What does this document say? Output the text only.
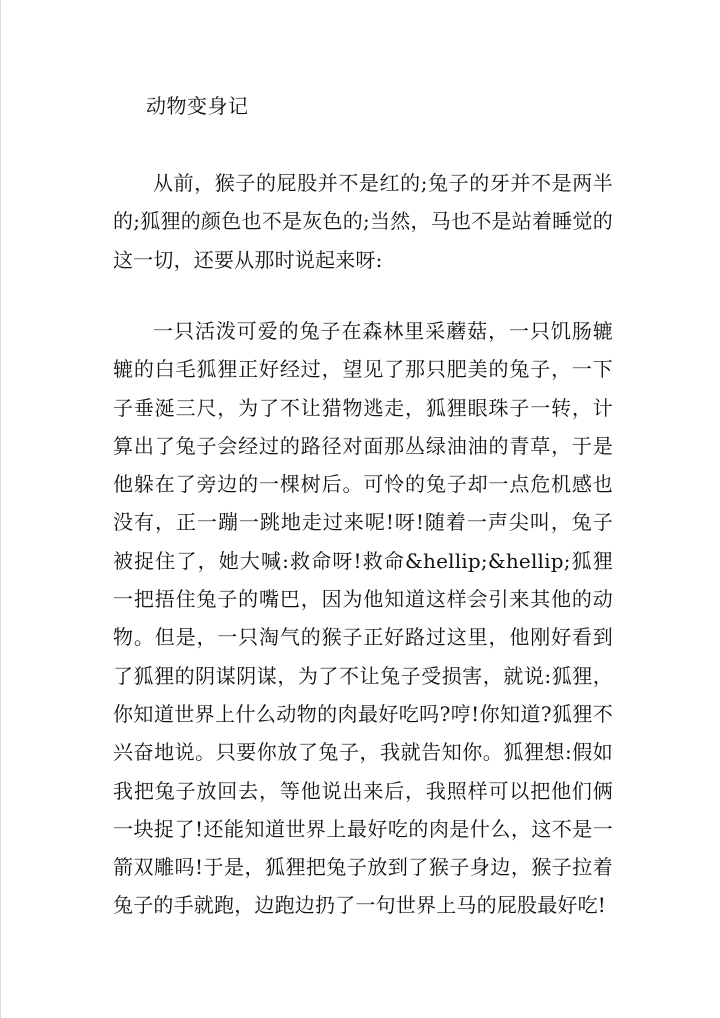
动物变身记

从前，猴子的屁股并不是红的;兔子的牙并不是两半的;狐狸的颜色也不是灰色的;当然，马也不是站着睡觉的这一切，还要从那时说起来呀:

一只活泼可爱的兔子在森林里采蘑菇，一只饥肠辘辘的白毛狐狸正好经过，望见了那只肥美的兔子，一下子垂涎三尺，为了不让猎物逃走，狐狸眼珠子一转，计算出了兔子会经过的路径对面那丛绿油油的青草，于是他躲在了旁边的一棵树后。可怜的兔子却一点危机感也没有，正一蹦一跳地走过来呢!呀!随着一声尖叫，兔子被捉住了，她大喊:救命呀!救命&hellip;&hellip;狐狸一把捂住兔子的嘴巴，因为他知道这样会引来其他的动物。但是，一只淘气的猴子正好路过这里，他刚好看到了狐狸的阴谋阴谋，为了不让兔子受损害，就说:狐狸，你知道世界上什么动物的肉最好吃吗?哼!你知道?狐狸不兴奋地说。只要你放了兔子，我就告知你。狐狸想:假如我把兔子放回去，等他说出来后，我照样可以把他们俩一块捉了!还能知道世界上最好吃的肉是什么，这不是一箭双雕吗!于是，狐狸把兔子放到了猴子身边，猴子拉着兔子的手就跑，边跑边扔了一句世界上马的屁股最好吃!
